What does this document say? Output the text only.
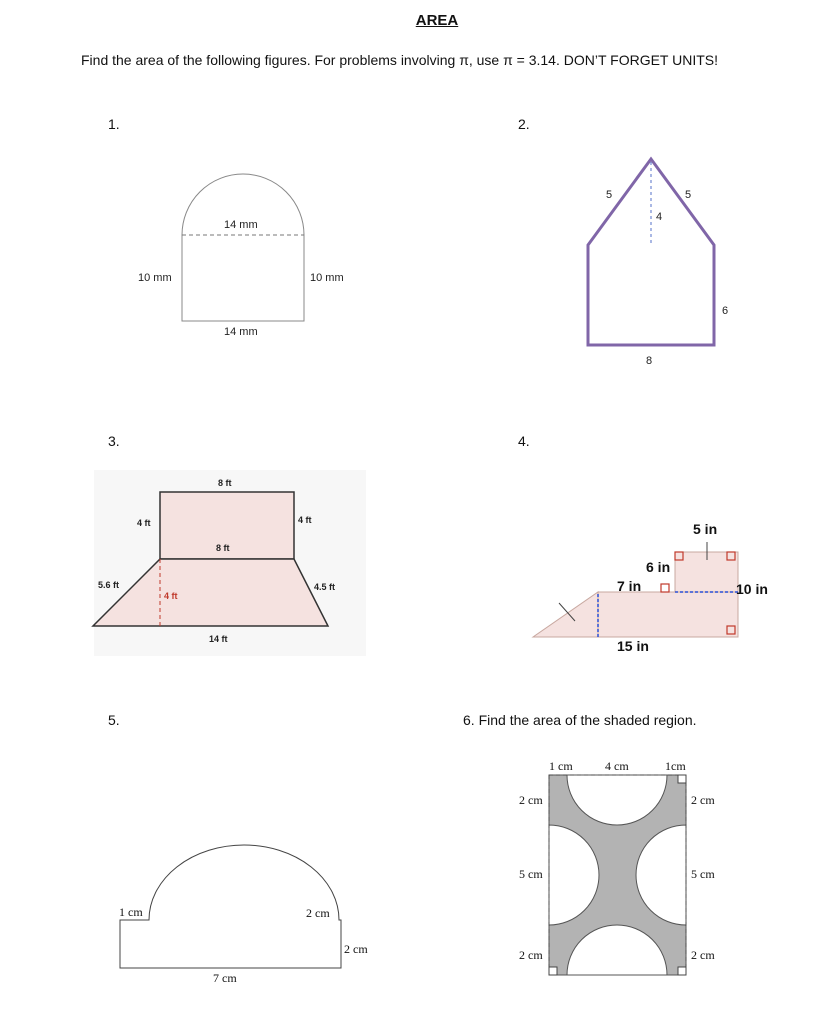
AREA
Find the area of the following figures. For problems involving π, use π = 3.14. DON’T FORGET UNITS!
1.
14 mm
10 mm	10 mm
14 mm
2.
5	5
4
6
8
3.
8 ft
4 ft	4 ft
8 ft
5.6 ft
4 ft
4.5 ft
14 ft
4.
5 in
6 in
7 in	10 in
15 in
5.
1 cm	2 cm
2 cm
7 cm
6. Find the area of the shaded region.
1 cm	4 cm	1cm
2 cm
5 cm
2 cm
2 cm
5 cm
2 cm
